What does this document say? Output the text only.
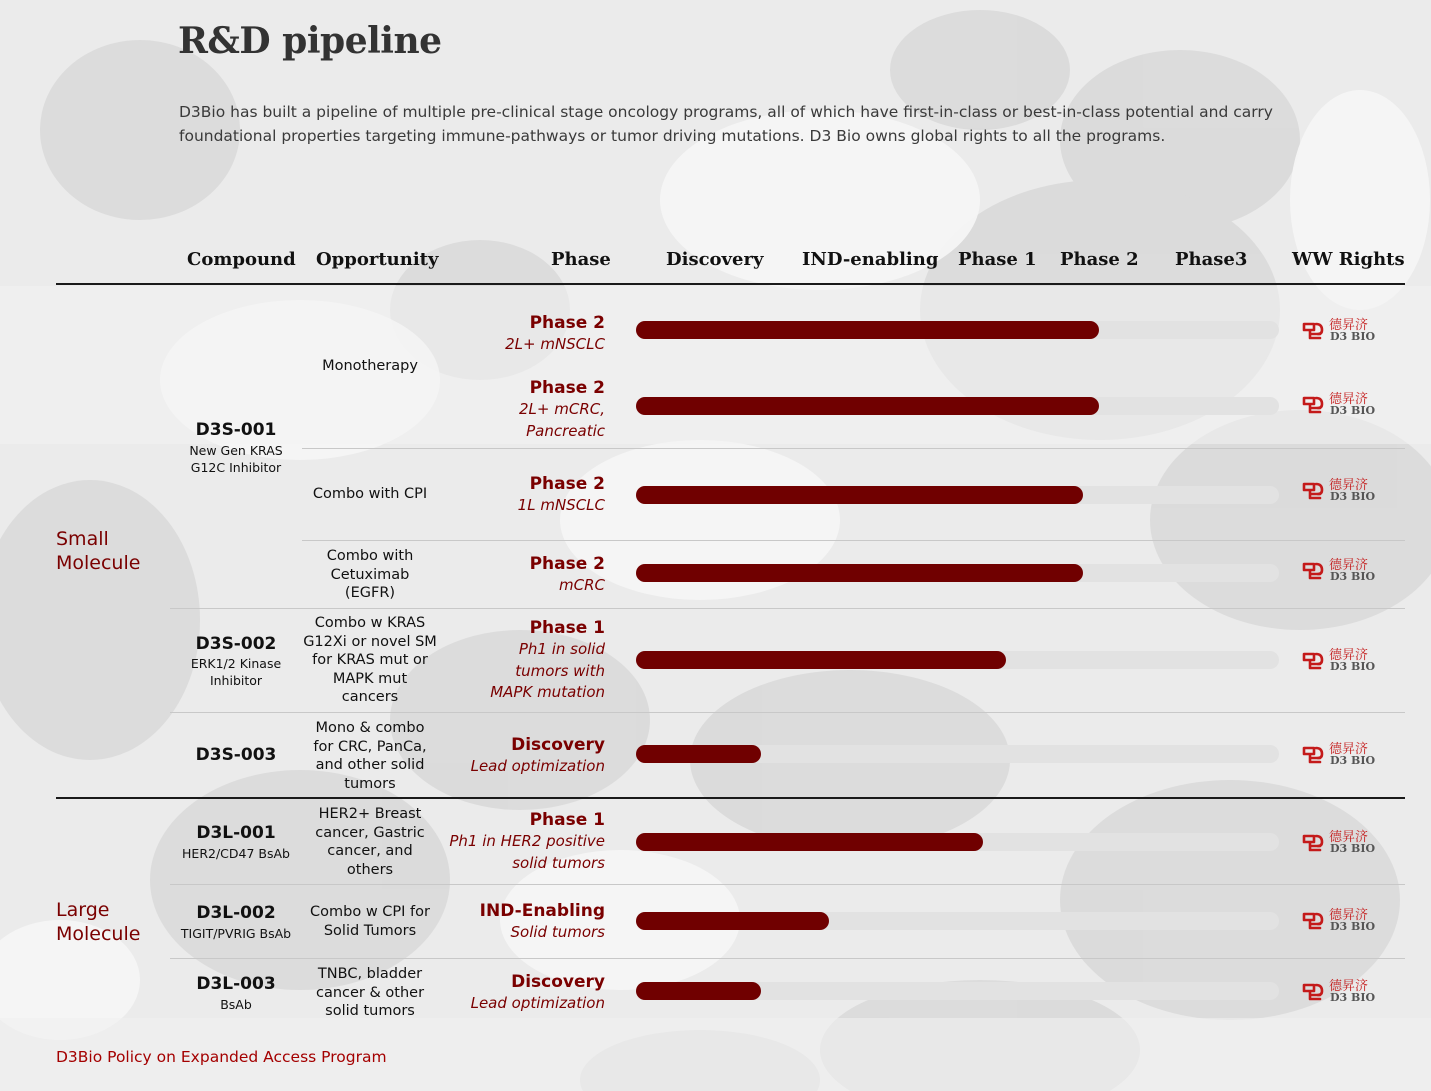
R&D pipeline

D3Bio has built a pipeline of multiple pre-clinical stage oncology programs, all of which have first-in-class or best-in-class potential and carry foundational properties targeting immune-pathways or tumor driving mutations. D3 Bio owns global rights to all the programs.

Compound Opportunity	Phase	Discovery IND-enabling Phase 1 Phase 2 Phase3 WW Rights
Small
Molecule
Large
Molecule
D3S-001
New Gen KRAS
G12C Inhibitor
D3S-002
ERK1/2 Kinase
Inhibitor
D3S-003
D3L-001
HER2/CD47 BsAb
D3L-002
TIGIT/PVRIG BsAb
D3L-003
BsAb
Monotherapy
Combo with CPI
Combo with
Cetuximab
(EGFR)
Combo w KRAS
G12Xi or novel SM
for KRAS mut or
MAPK mut
cancers
Mono & combo
for CRC, PanCa,
and other solid
tumors
HER2+ Breast
cancer, Gastric
cancer, and
others
Combo w CPI for
Solid Tumors
TNBC, bladder
cancer & other
solid tumors
Phase 2
2L+ mNSCLC
Phase 2
2L+ mCRC,
Pancreatic
Phase 2
1L mNSCLC
Phase 2
mCRC
Phase 1
Ph1 in solid
tumors with
MAPK mutation
Discovery
Lead optimization
Phase 1
Ph1 in HER2 positive
solid tumors
IND-Enabling
Solid tumors
Discovery
Lead optimization
德昇济
D3 BIO
德昇济
D3 BIO
德昇济
D3 BIO
德昇济
D3 BIO
德昇济
D3 BIO
德昇济
D3 BIO
德昇济
D3 BIO
德昇济
D3 BIO
德昇济
D3 BIO
D3Bio Policy on Expanded Access Program
